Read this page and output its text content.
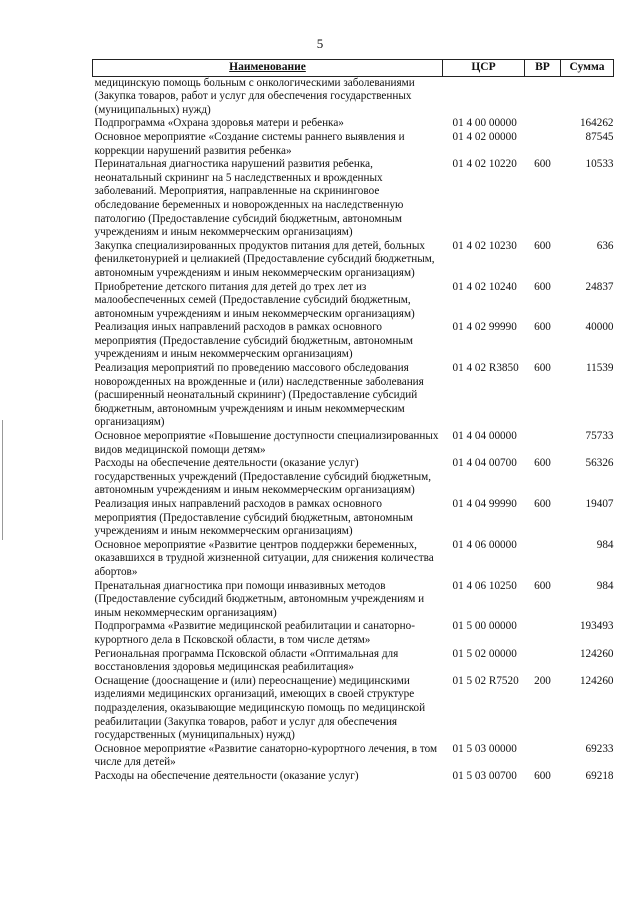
5
Наименование	ЦСР	ВР	Сумма
медицинскую помощь больным с онкологическими заболеваниями (Закупка товаров, работ и услуг для обеспечения государственных (муниципальных) нужд)			
Подпрограмма «Охрана здоровья матери и ребенка»	01 4 00 00000		164262
Основное мероприятие «Создание системы раннего выявления и коррекции нарушений развития ребенка»	01 4 02 00000		87545
Перинатальная диагностика нарушений развития ребенка, неонатальный скрининг на 5 наследственных и врожденных заболеваний. Мероприятия, направленные на скрининговое обследование беременных и новорожденных на наследственную патологию (Предоставление субсидий бюджетным, автономным учреждениям и иным некоммерческим организациям)	01 4 02 10220	600	10533
Закупка специализированных продуктов питания для детей, больных фенилкетонурией и целиакией (Предоставление субсидий бюджетным, автономным учреждениям и иным некоммерческим организациям)	01 4 02 10230	600	636
Приобретение детского питания для детей до трех лет из малообеспеченных семей (Предоставление субсидий бюджетным, автономным учреждениям и иным некоммерческим организациям)	01 4 02 10240	600	24837
Реализация иных направлений расходов в рамках основного мероприятия (Предоставление субсидий бюджетным, автономным учреждениям и иным некоммерческим организациям)	01 4 02 99990	600	40000
Реализация мероприятий по проведению массового обследования новорожденных на врожденные и (или) наследственные заболевания (расширенный неонатальный скрининг) (Предоставление субсидий бюджетным, автономным учреждениям и иным некоммерческим организациям)	01 4 02 R3850	600	11539
Основное мероприятие «Повышение доступности специализированных видов медицинской помощи детям»	01 4 04 00000		75733
Расходы на обеспечение деятельности (оказание услуг) государственных учреждений (Предоставление субсидий бюджетным, автономным учреждениям и иным некоммерческим организациям)	01 4 04 00700	600	56326
Реализация иных направлений расходов в рамках основного мероприятия (Предоставление субсидий бюджетным, автономным учреждениям и иным некоммерческим организациям)	01 4 04 99990	600	19407
Основное мероприятие «Развитие центров поддержки беременных, оказавшихся в трудной жизненной ситуации, для снижения количества абортов»	01 4 06 00000		984
Пренатальная диагностика при помощи инвазивных методов (Предоставление субсидий бюджетным, автономным учреждениям и иным некоммерческим организациям)	01 4 06 10250	600	984
Подпрограмма «Развитие медицинской реабилитации и санаторно-курортного дела в Псковской области, в том числе детям»	01 5 00 00000		193493
Региональная программа Псковской области «Оптимальная для восстановления здоровья медицинская реабилитация»	01 5 02 00000		124260
Оснащение (дооснащение и (или) переоснащение) медицинскими изделиями медицинских организаций, имеющих в своей структуре подразделения, оказывающие медицинскую помощь по медицинской реабилитации (Закупка товаров, работ и услуг для обеспечения государственных (муниципальных) нужд)	01 5 02 R7520	200	124260
Основное мероприятие «Развитие санаторно-курортного лечения, в том числе для детей»	01 5 03 00000		69233
Расходы на обеспечение деятельности (оказание услуг)	01 5 03 00700	600	69218
